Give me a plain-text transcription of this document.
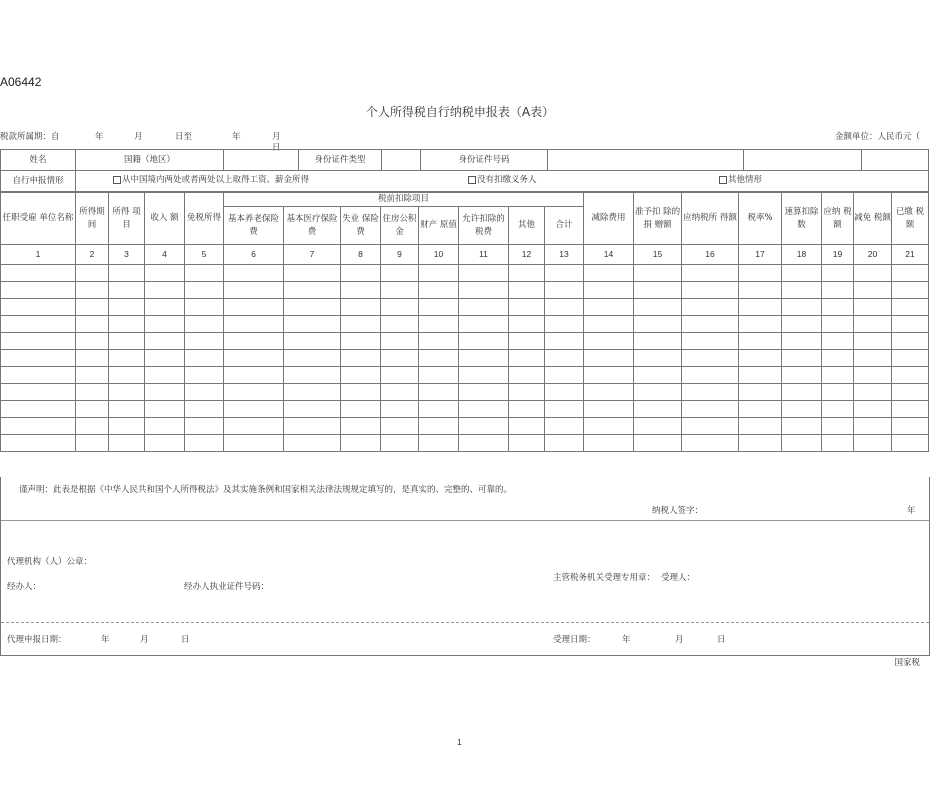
A06442
个人所得税自行纳税申报表（A表）
税款所属期：自	年	月	日至	年	月
日
金额单位：人民币元（
姓名	国籍（地区）		身份证件类型		身份证件号码			
自行申报情形	从中国境内两处或者两处以上取得工资、薪金所得 没有扣缴义务人 其他情形							
任职受雇 单位名称	所得期间	所得 项目	收入 额	免税所得	税前扣除项目								减除费用	准予扣 除的捐 赠额	应纳税所 得额	税率%	速算扣除数	应纳 税额	减免 税额	已缴 税额
					基本养老保险费	基本医疗保险费	失业 保险费	住房公积金	财产 原值	允许扣除的税费	其他	合计								
1	2	3	4	5	6	7	8	9	10	11	12	13	14	15	16	17	18	19	20	21

谨声明：此表是根据《中华人民共和国个人所得税法》及其实施条例和国家相关法律法规规定填写的，是真实的、完整的、可靠的。
纳税人签字：	年
代理机构（人）公章：
经办人：	经办人执业证件号码：
主管税务机关受理专用章： 受理人：
代理申报日期：	年	月	日	受理日期：	年	月	日
国家税
1
